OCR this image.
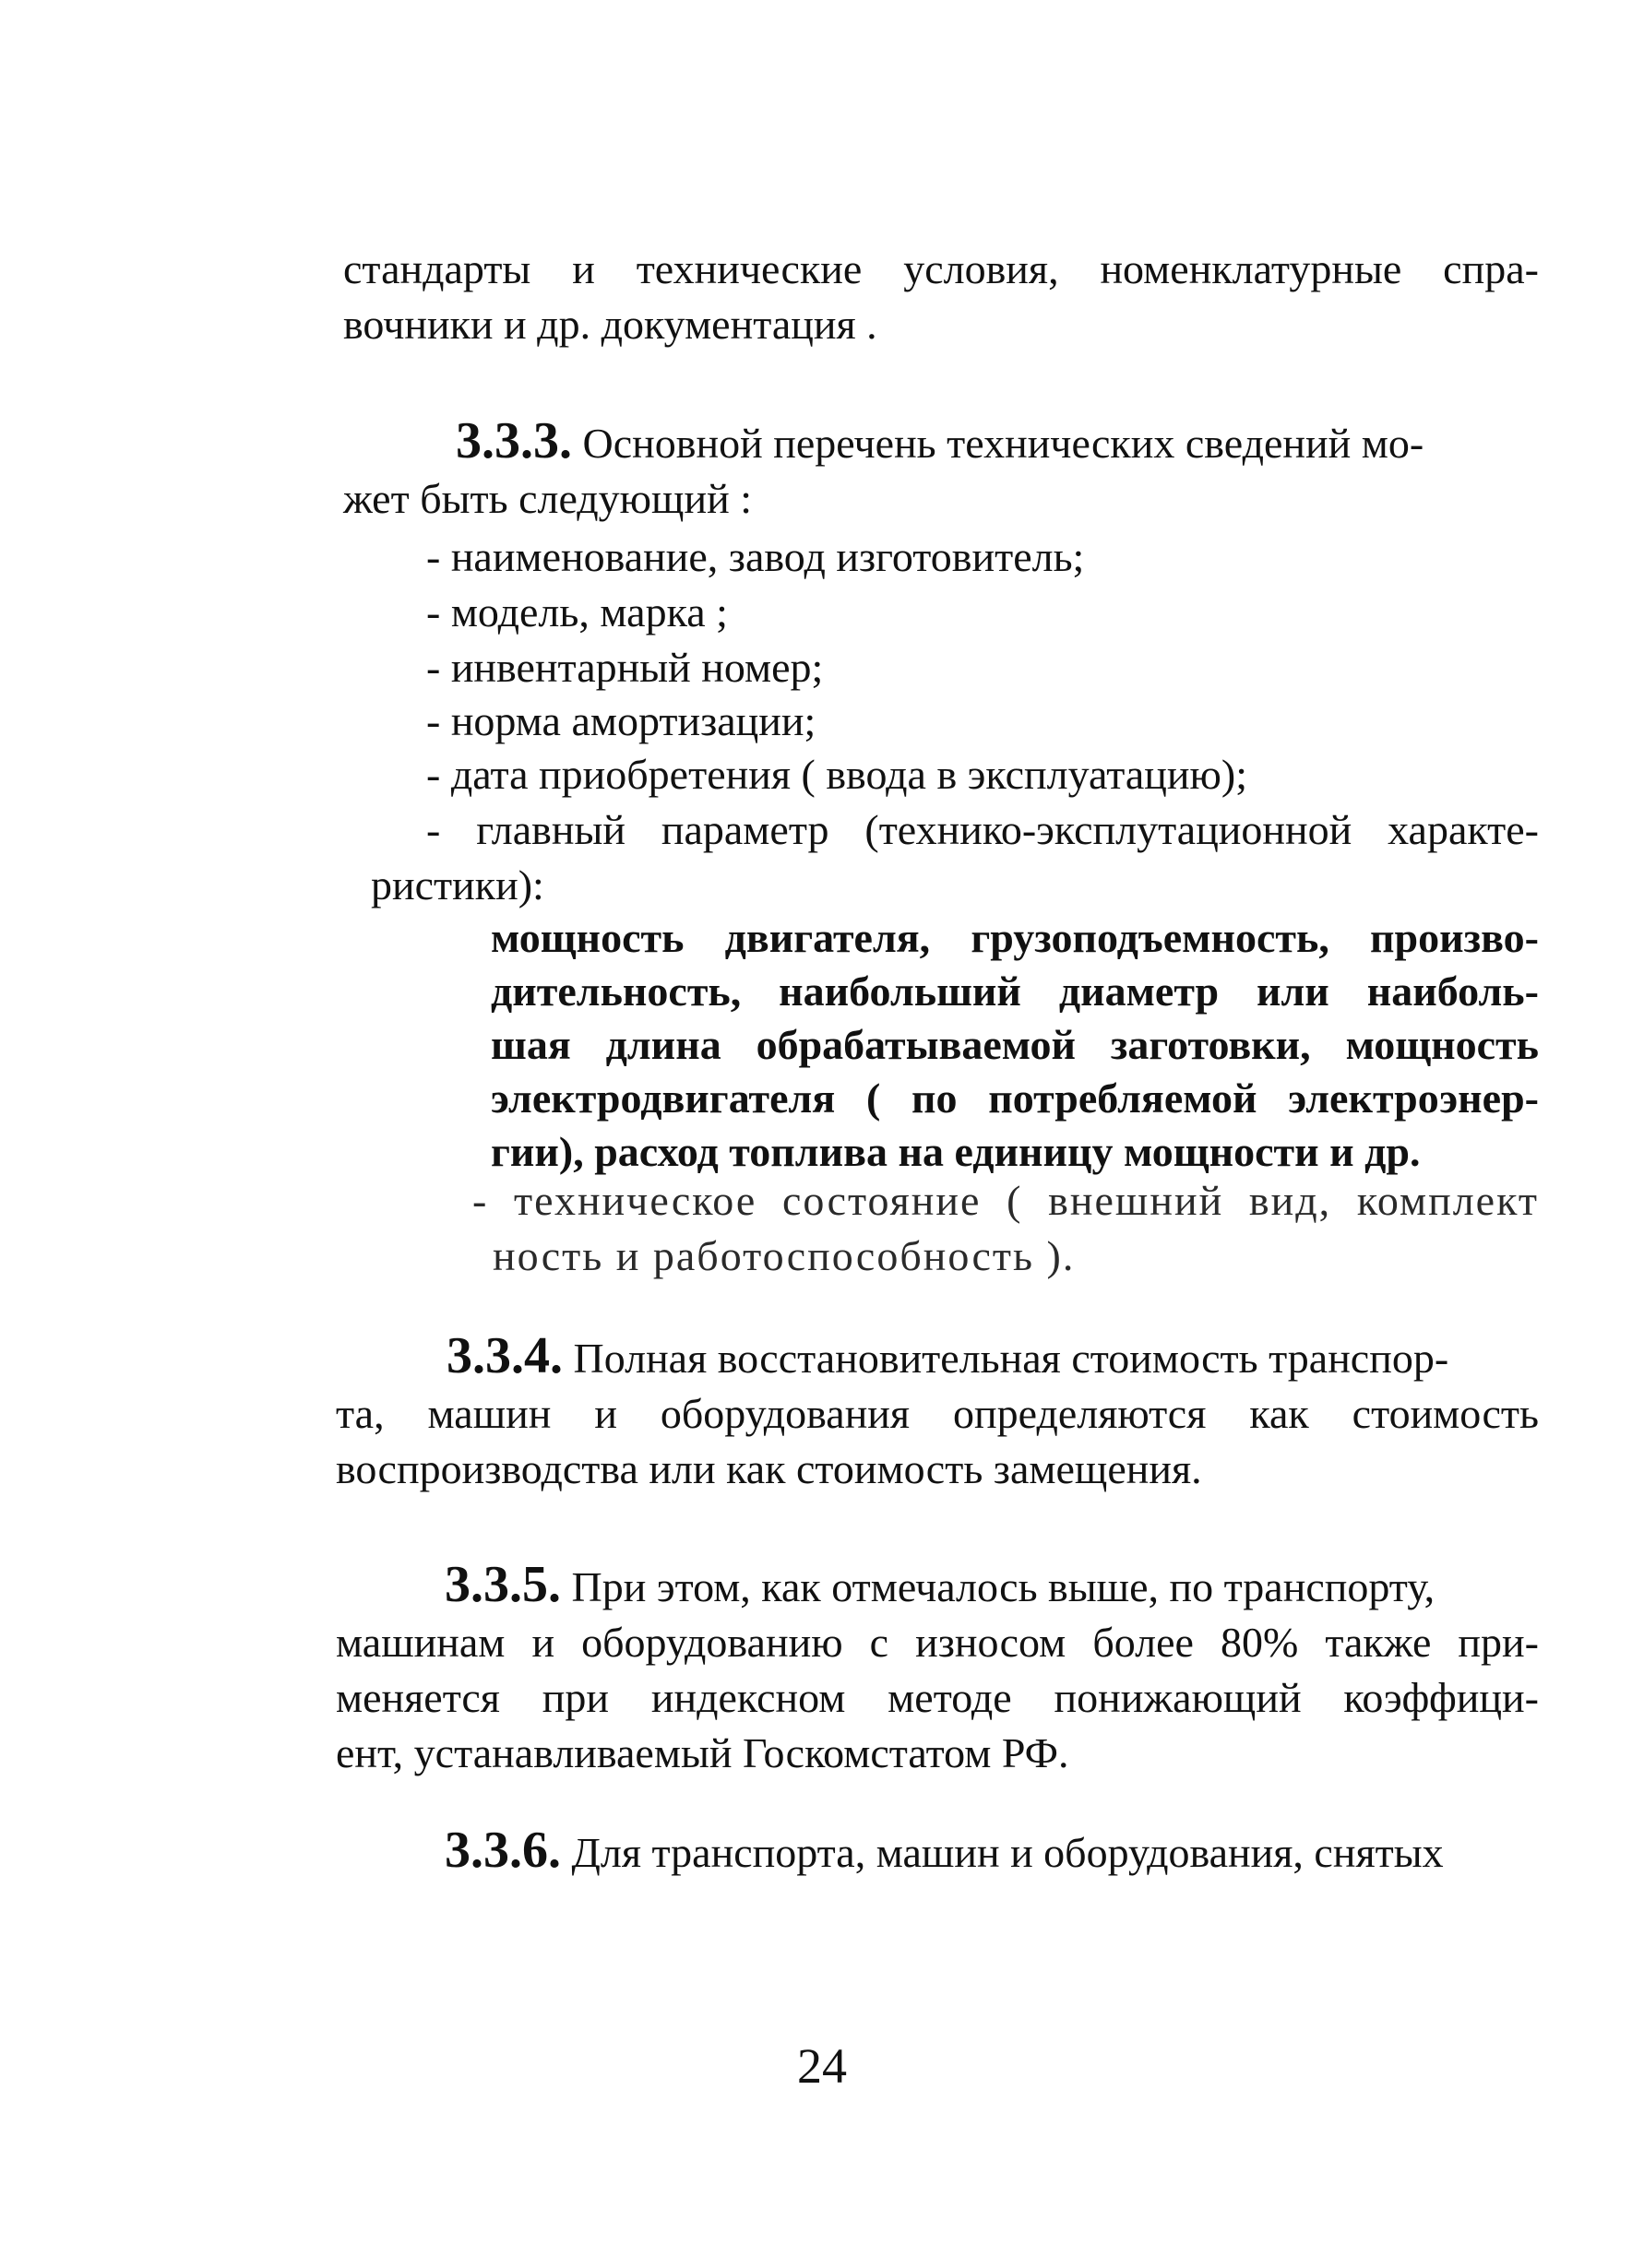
стандарты и технические условия, номенклатурные спра-
вочники и др. документация .
3.3.3. Основной перечень технических сведений мо-
жет быть следующий :
- наименование, завод изготовитель;
- модель, марка ;
- инвентарный номер;
- норма амортизации;
- дата приобретения ( ввода в эксплуатацию);
- главный параметр (технико-эксплутационной характе-
ристики):
мощность двигателя, грузоподъемность, произво-
дительность, наибольший диаметр или наиболь-
шая длина обрабатываемой заготовки, мощность
электродвигателя ( по потребляемой электроэнер-
гии), расход топлива на единицу мощности и др.
- техническое состояние ( внешний вид, комплект
ность и работоспособность ).
3.3.4. Полная восстановительная стоимость транспор-
та, машин и оборудования определяются как стоимость
воспроизводства или как стоимость замещения.
3.3.5. При этом, как отмечалось выше, по транспорту,
машинам и оборудованию с износом более 80% также при-
меняется при индексном методе понижающий коэффици-
ент, устанавливаемый Госкомстатом РФ.
3.3.6. Для транспорта, машин и оборудования, снятых
24
